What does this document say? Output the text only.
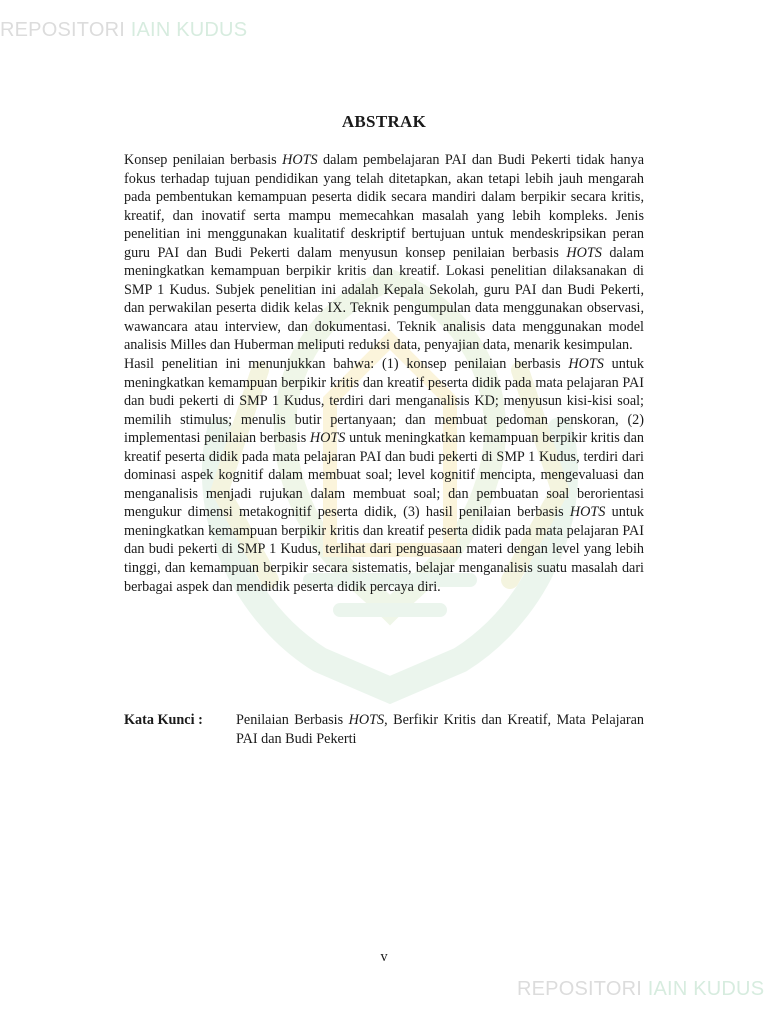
REPOSITORI IAIN KUDUS
ABSTRAK

Konsep penilaian berbasis HOTS dalam pembelajaran PAI dan Budi Pekerti tidak hanya fokus terhadap tujuan pendidikan yang telah ditetapkan, akan tetapi lebih jauh mengarah pada pembentukan kemampuan peserta didik secara mandiri dalam berpikir secara kritis, kreatif, dan inovatif serta mampu memecahkan masalah yang lebih kompleks. Jenis penelitian ini menggunakan kualitatif deskriptif bertujuan untuk mendeskripsikan peran guru PAI dan Budi Pekerti dalam menyusun konsep penilaian berbasis HOTS dalam meningkatkan kemampuan berpikir kritis dan kreatif. Lokasi penelitian dilaksanakan di SMP 1 Kudus. Subjek penelitian ini adalah Kepala Sekolah, guru PAI dan Budi Pekerti, dan perwakilan peserta didik kelas IX. Teknik pengumpulan data menggunakan observasi, wawancara atau interview, dan dokumentasi. Teknik analisis data menggunakan model analisis Milles dan Huberman meliputi reduksi data, penyajian data, menarik kesimpulan.

Hasil penelitian ini menunjukkan bahwa: (1) konsep penilaian berbasis HOTS untuk meningkatkan kemampuan berpikir kritis dan kreatif peserta didik pada mata pelajaran PAI dan budi pekerti di SMP 1 Kudus, terdiri dari menganalisis KD; menyusun kisi-kisi soal; memilih stimulus; menulis butir pertanyaan; dan membuat pedoman penskoran, (2) implementasi penilaian berbasis HOTS untuk meningkatkan kemampuan berpikir kritis dan kreatif peserta didik pada mata pelajaran PAI dan budi pekerti di SMP 1 Kudus, terdiri dari dominasi aspek kognitif dalam membuat soal; level kognitif mencipta, mengevaluasi dan menganalisis menjadi rujukan dalam membuat soal; dan pembuatan soal berorientasi mengukur dimensi metakognitif peserta didik, (3) hasil penilaian berbasis HOTS untuk meningkatkan kemampuan berpikir kritis dan kreatif peserta didik pada mata pelajaran PAI dan budi pekerti di SMP 1 Kudus, terlihat dari penguasaan materi dengan level yang lebih tinggi, dan kemampuan berpikir secara sistematis, belajar menganalisis suatu masalah dari berbagai aspek dan mendidik peserta didik percaya diri.

Kata Kunci :	Penilaian Berbasis HOTS, Berfikir Kritis dan Kreatif, Mata Pelajaran PAI dan Budi Pekerti
v
REPOSITORI IAIN KUDUS
